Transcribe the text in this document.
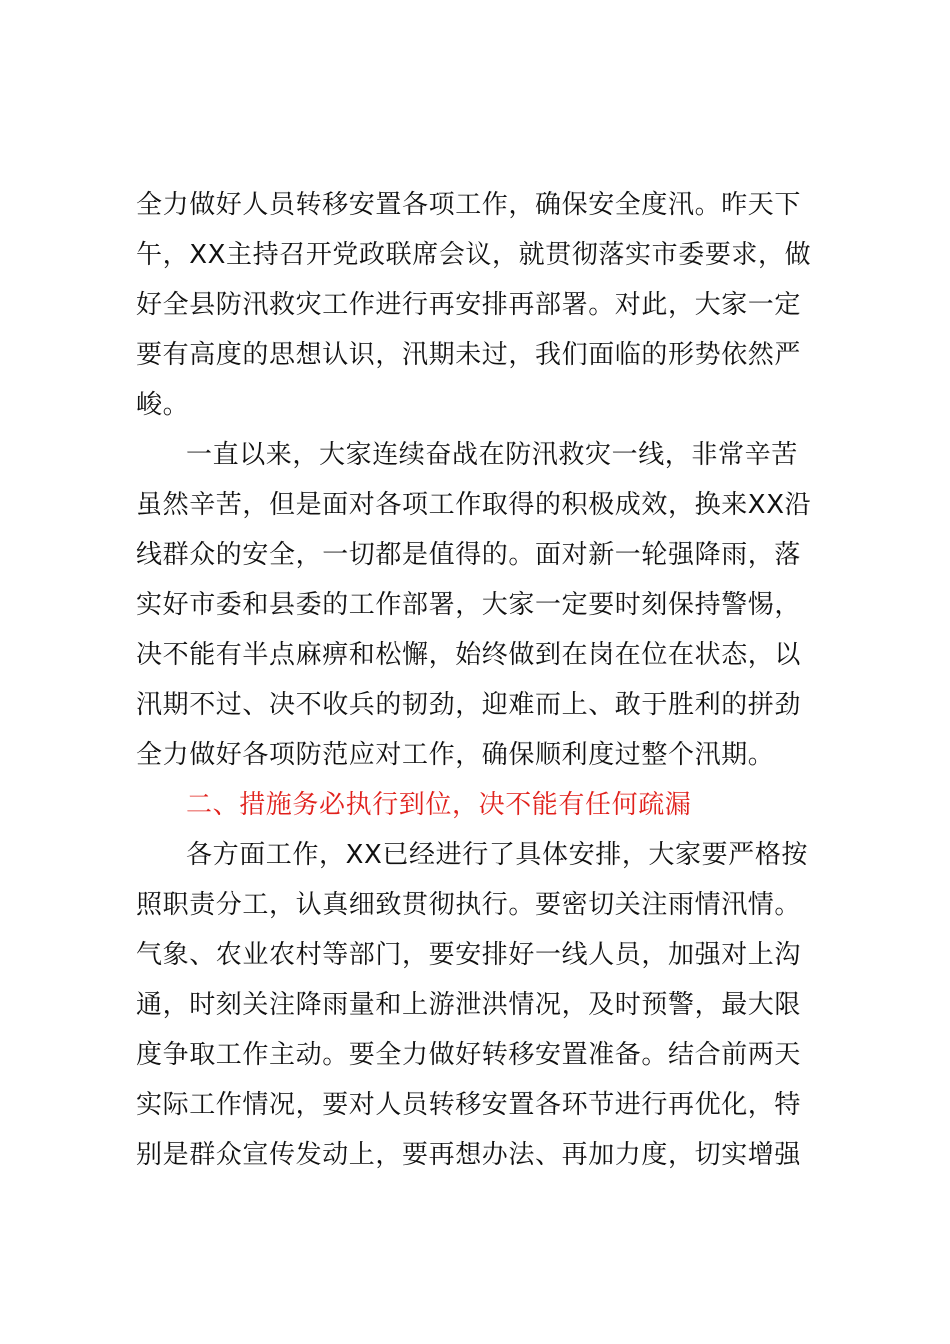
全力做好人员转移安置各项工作，确保安全度汛。昨天下
午，XX主持召开党政联席会议，就贯彻落实市委要求，做
好全县防汛救灾工作进行再安排再部署。对此，大家一定
要有高度的思想认识，汛期未过，我们面临的形势依然严
峻。
一直以来，大家连续奋战在防汛救灾一线，非常辛苦
虽然辛苦，但是面对各项工作取得的积极成效，换来XX沿
线群众的安全，一切都是值得的。面对新一轮强降雨，落
实好市委和县委的工作部署，大家一定要时刻保持警惕，
决不能有半点麻痹和松懈，始终做到在岗在位在状态，以
汛期不过、决不收兵的韧劲，迎难而上、敢于胜利的拼劲
全力做好各项防范应对工作，确保顺利度过整个汛期。
二、措施务必执行到位，决不能有任何疏漏
各方面工作，XX已经进行了具体安排，大家要严格按
照职责分工，认真细致贯彻执行。要密切关注雨情汛情。
气象、农业农村等部门，要安排好一线人员，加强对上沟
通，时刻关注降雨量和上游泄洪情况，及时预警，最大限
度争取工作主动。要全力做好转移安置准备。结合前两天
实际工作情况，要对人员转移安置各环节进行再优化，特
别是群众宣传发动上，要再想办法、再加力度，切实增强
